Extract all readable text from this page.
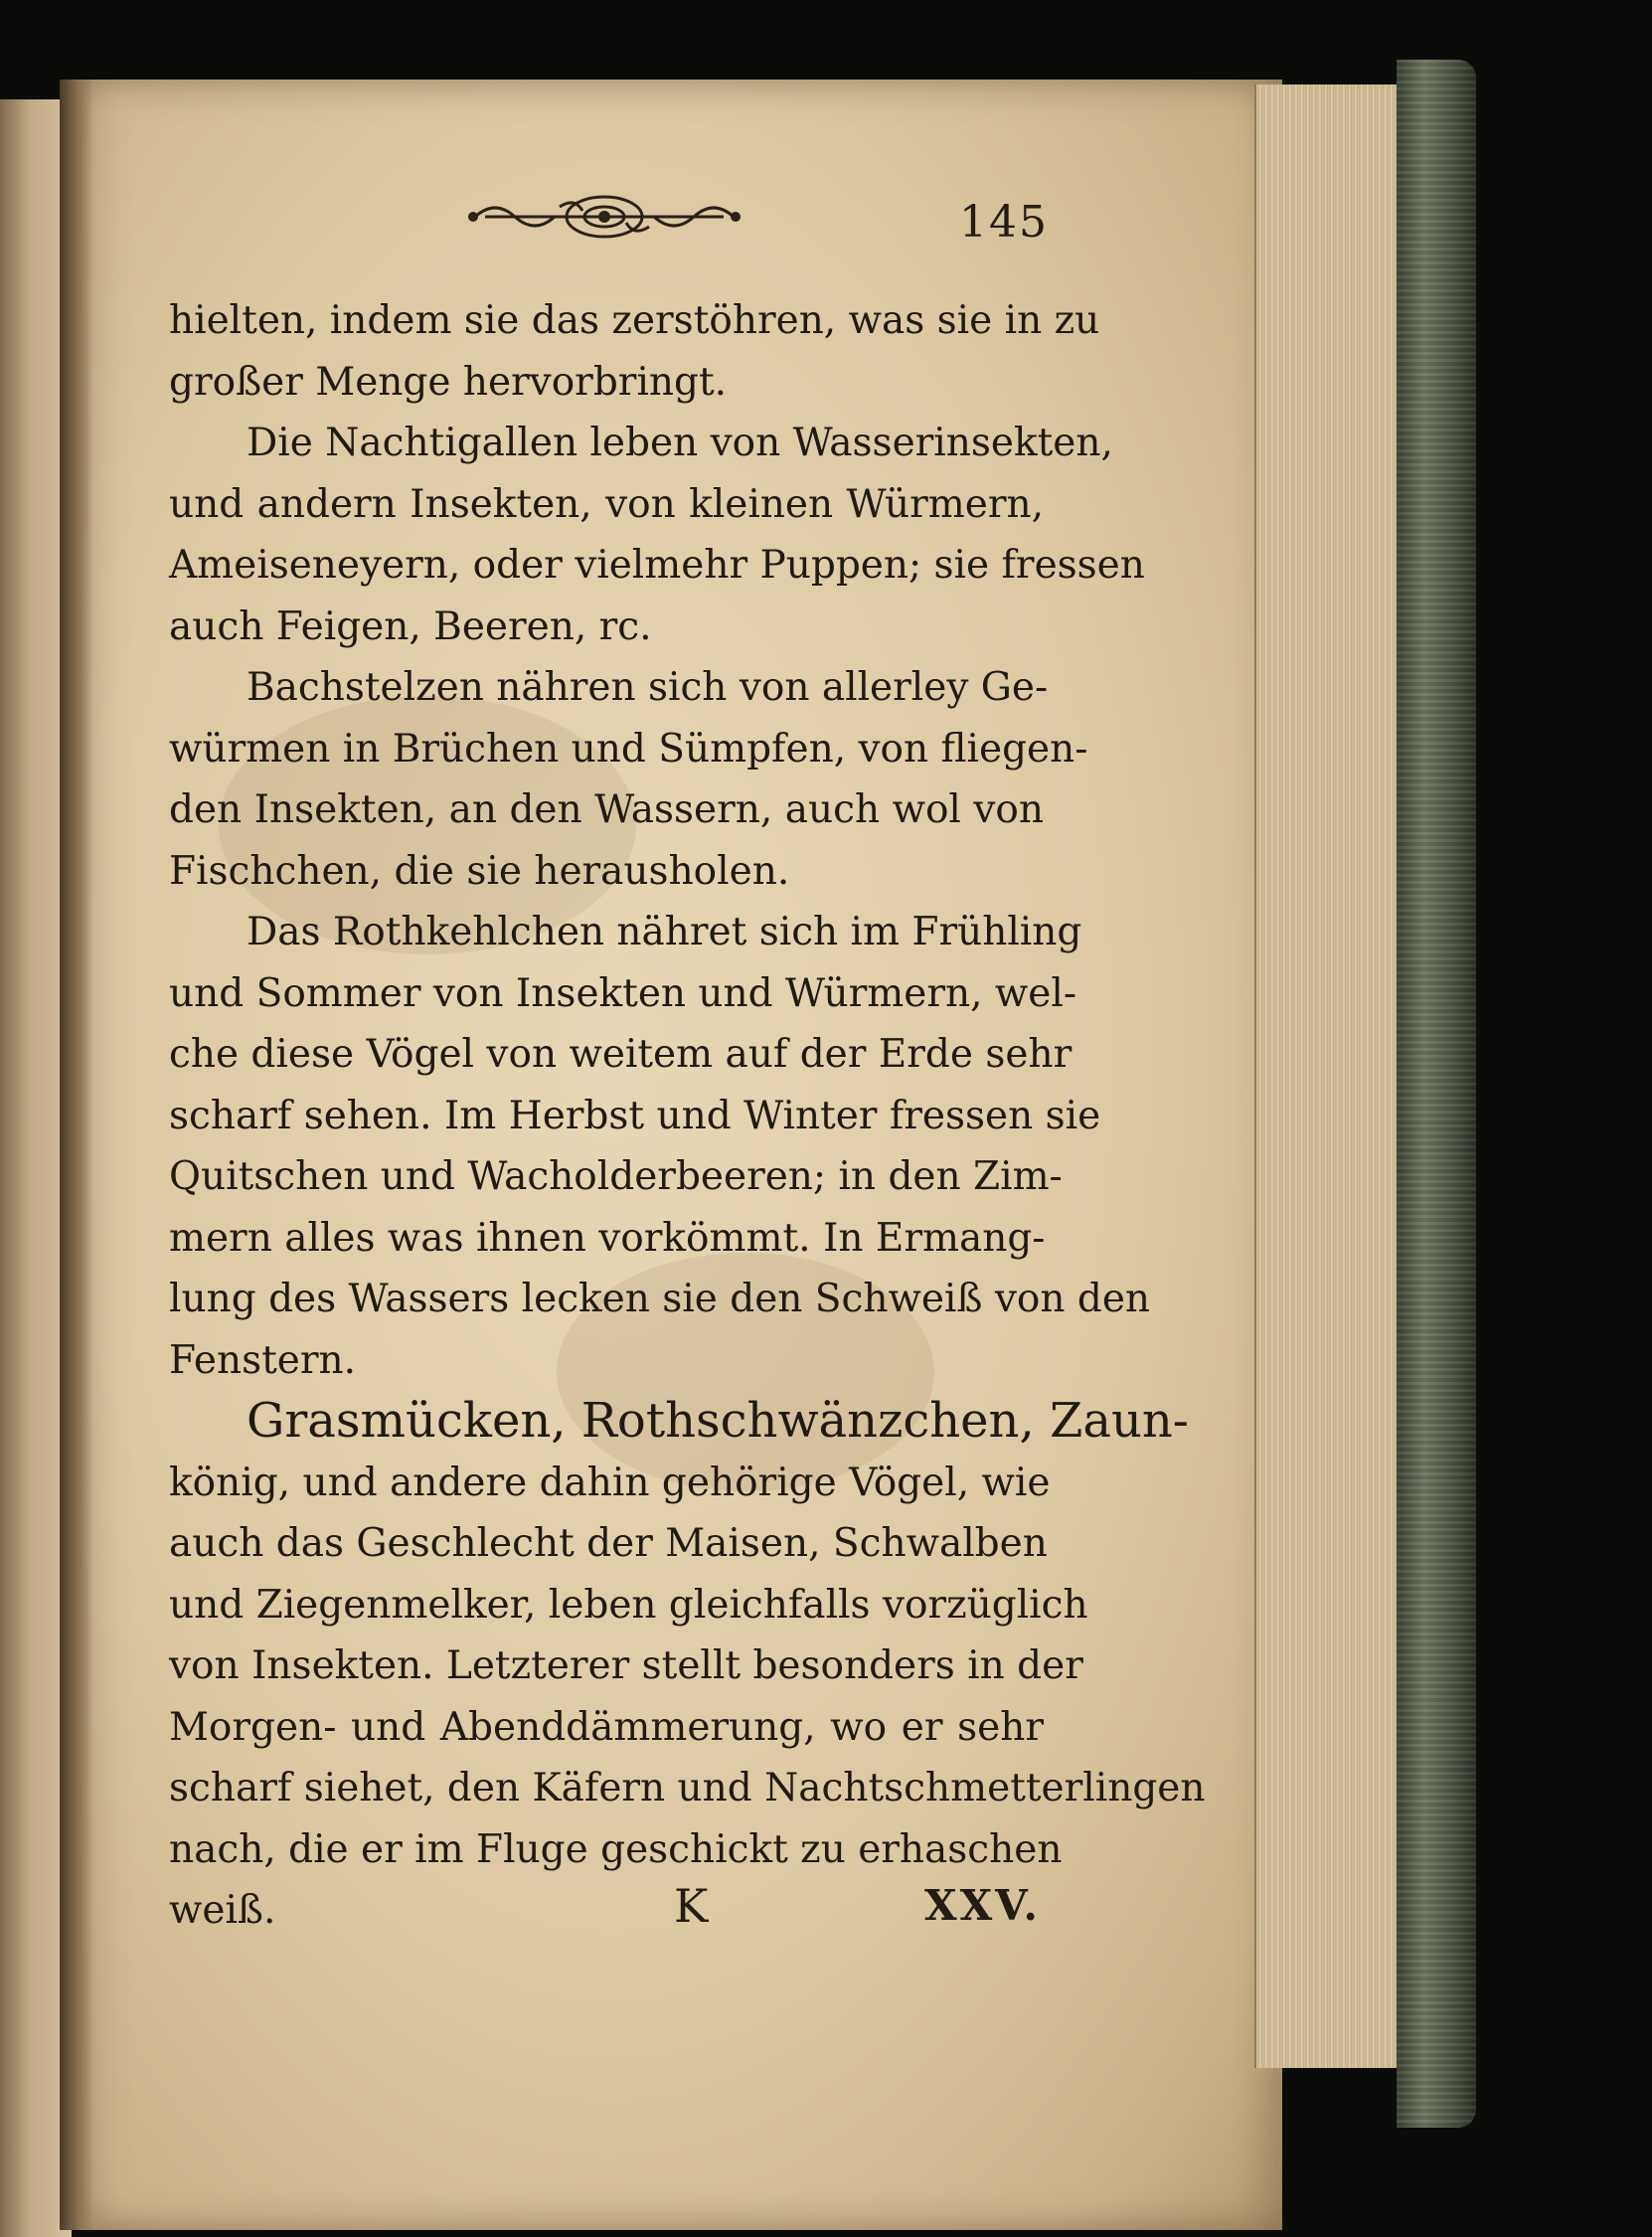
145
hielten, indem sie das zerstöhren, was sie in zu
großer Menge hervorbringt.
Die Nachtigallen leben von Wasserinsekten,
und andern Insekten, von kleinen Würmern,
Ameiseneyern, oder vielmehr Puppen; sie fressen
auch Feigen, Beeren, rc.
Bachstelzen nähren sich von allerley Ge-
würmen in Brüchen und Sümpfen, von fliegen-
den Insekten, an den Wassern, auch wol von
Fischchen, die sie herausholen.
Das Rothkehlchen nähret sich im Frühling
und Sommer von Insekten und Würmern, wel-
che diese Vögel von weitem auf der Erde sehr
scharf sehen. Im Herbst und Winter fressen sie
Quitschen und Wacholderbeeren; in den Zim-
mern alles was ihnen vorkömmt. In Ermang-
lung des Wassers lecken sie den Schweiß von den
Fenstern.
Grasmücken, Rothschwänzchen, Zaun-
könig, und andere dahin gehörige Vögel, wie
auch das Geschlecht der Maisen, Schwalben
und Ziegenmelker, leben gleichfalls vorzüglich
von Insekten. Letzterer stellt besonders in der
Morgen- und Abenddämmerung, wo er sehr
scharf siehet, den Käfern und Nachtschmetterlingen
nach, die er im Fluge geschickt zu erhaschen
weiß.	K	XXV.
